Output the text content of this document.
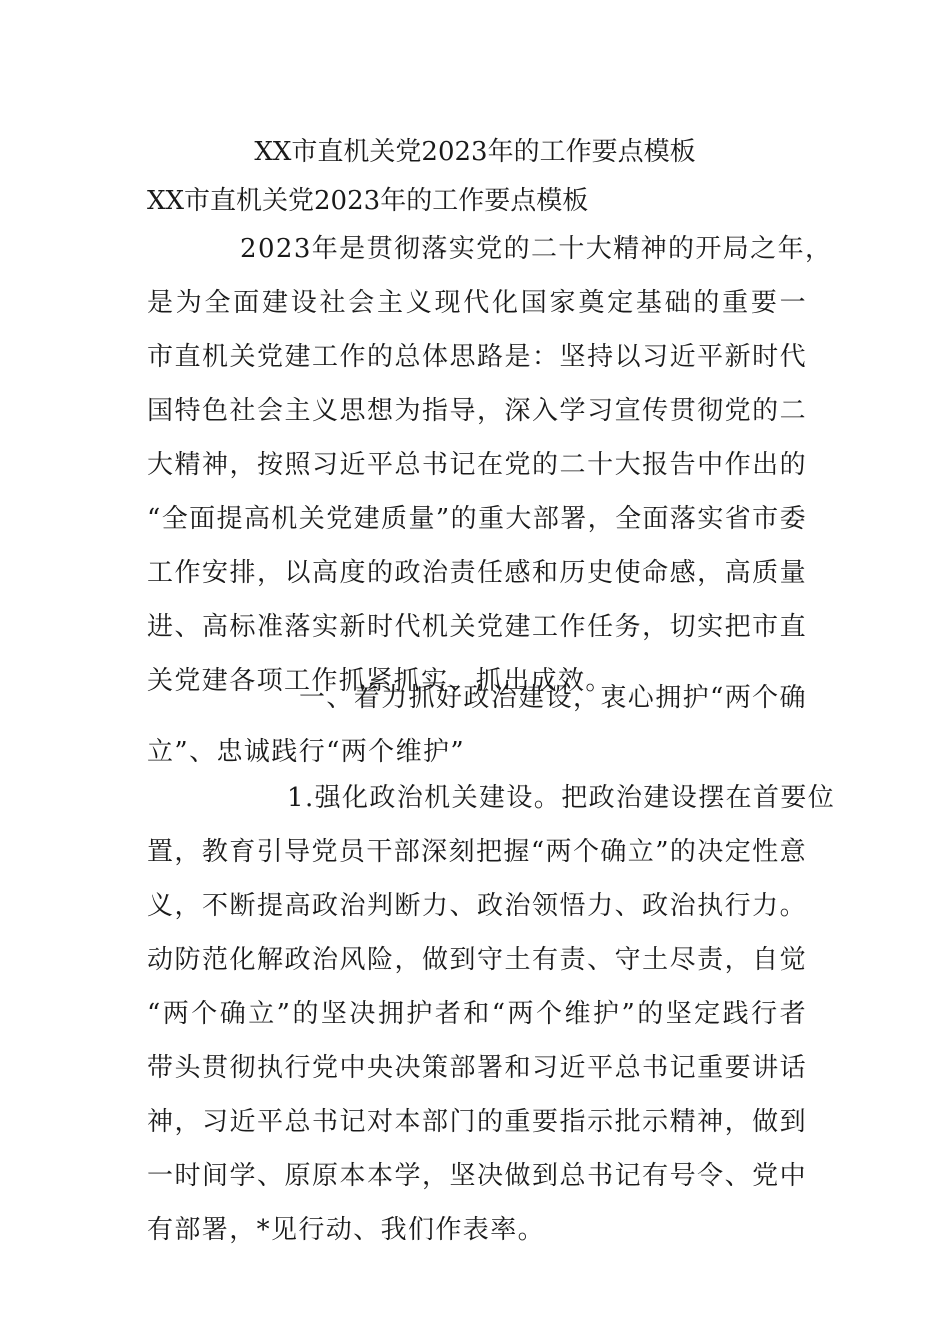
XX市直机关党2023年的工作要点模板
XX市直机关党2023年的工作要点模板
2023年是贯彻落实党的二十大精神的开局之年，
是为全面建设社会主义现代化国家奠定基础的重要一
市直机关党建工作的总体思路是：坚持以习近平新时代
国特色社会主义思想为指导，深入学习宣传贯彻党的二
大精神，按照习近平总书记在党的二十大报告中作出的
“全面提高机关党建质量”的重大部署，全面落实省市委
工作安排，以高度的政治责任感和历史使命感，高质量
进、高标准落实新时代机关党建工作任务，切实把市直
关党建各项工作抓紧抓实、抓出成效。
一、着力抓好政治建设，衷心拥护“两个确
立”、忠诚践行“两个维护”
1.强化政治机关建设。把政治建设摆在首要位
置，教育引导党员干部深刻把握“两个确立”的决定性意
义，不断提高政治判断力、政治领悟力、政治执行力。
动防范化解政治风险，做到守土有责、守土尽责，自觉
“两个确立”的坚决拥护者和“两个维护”的坚定践行者
带头贯彻执行党中央决策部署和习近平总书记重要讲话
神，习近平总书记对本部门的重要指示批示精神，做到
一时间学、原原本本学，坚决做到总书记有号令、党中
有部署，*见行动、我们作表率。
